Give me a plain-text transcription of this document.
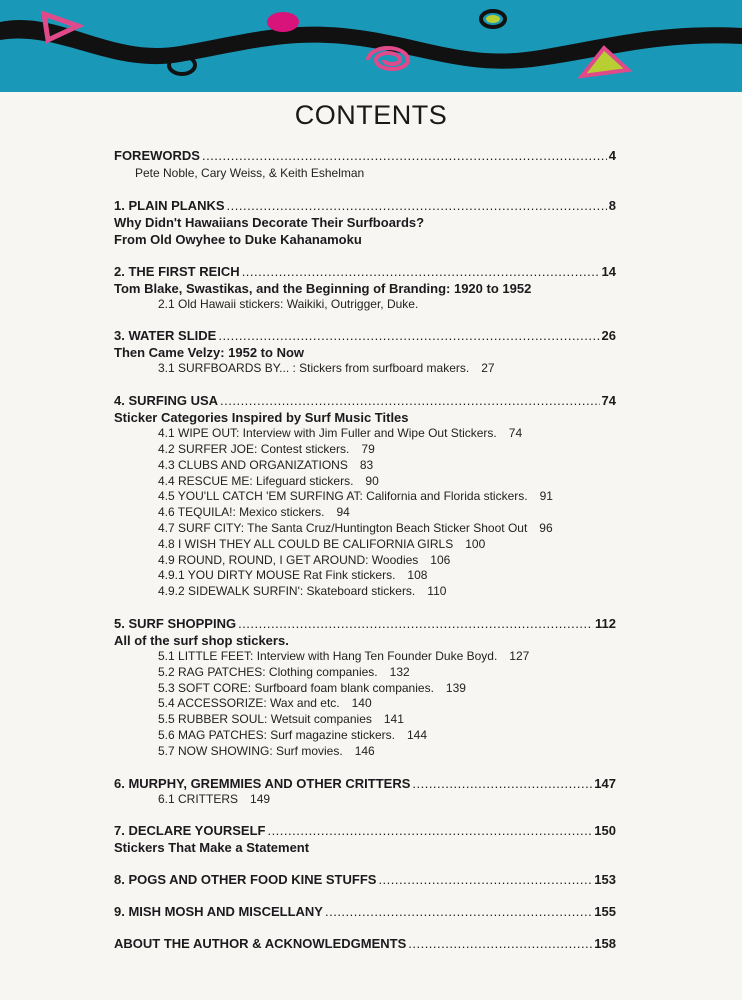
CONTENTS
FOREWORDS .....	4
Pete Noble, Cary Weiss, & Keith Eshelman
1. PLAIN PLANKS .....	8
Why Didn't Hawaiians Decorate Their Surfboards?
From Old Owyhee to Duke Kahanamoku
2. THE FIRST REICH .....	14
Tom Blake, Swastikas, and the Beginning of Branding: 1920 to 1952
2.1 Old Hawaii stickers: Waikiki, Outrigger, Duke.
3. WATER SLIDE .....	26
Then Came Velzy: 1952 to Now
3.1 SURFBOARDS BY... : Stickers from surfboard makers. 27
4. SURFING USA .....	74
Sticker Categories Inspired by Surf Music Titles
4.1 WIPE OUT: Interview with Jim Fuller and Wipe Out Stickers. 74
4.2 SURFER JOE: Contest stickers. 79
4.3 CLUBS AND ORGANIZATIONS 83
4.4 RESCUE ME: Lifeguard stickers. 90
4.5 YOU'LL CATCH 'EM SURFING AT: California and Florida stickers. 91
4.6 TEQUILA!: Mexico stickers. 94
4.7 SURF CITY: The Santa Cruz/Huntington Beach Sticker Shoot Out 96
4.8 I WISH THEY ALL COULD BE CALIFORNIA GIRLS 100
4.9 ROUND, ROUND, I GET AROUND: Woodies 106
4.9.1 YOU DIRTY MOUSE Rat Fink stickers. 108
4.9.2 SIDEWALK SURFIN': Skateboard stickers. 110
5. SURF SHOPPING .....	112
All of the surf shop stickers.
5.1 LITTLE FEET: Interview with Hang Ten Founder Duke Boyd. 127
5.2 RAG PATCHES: Clothing companies. 132
5.3 SOFT CORE: Surfboard foam blank companies. 139
5.4 ACCESSORIZE: Wax and etc. 140
5.5 RUBBER SOUL: Wetsuit companies 141
5.6 MAG PATCHES: Surf magazine stickers. 144
5.7 NOW SHOWING: Surf movies. 146
6. MURPHY, GREMMIES AND OTHER CRITTERS .....	147
6.1 CRITTERS 149
7. DECLARE YOURSELF .....	150
Stickers That Make a Statement
8. POGS AND OTHER FOOD KINE STUFFS .....	153
9. MISH MOSH AND MISCELLANY .....	155
ABOUT THE AUTHOR & ACKNOWLEDGMENTS .....	158
